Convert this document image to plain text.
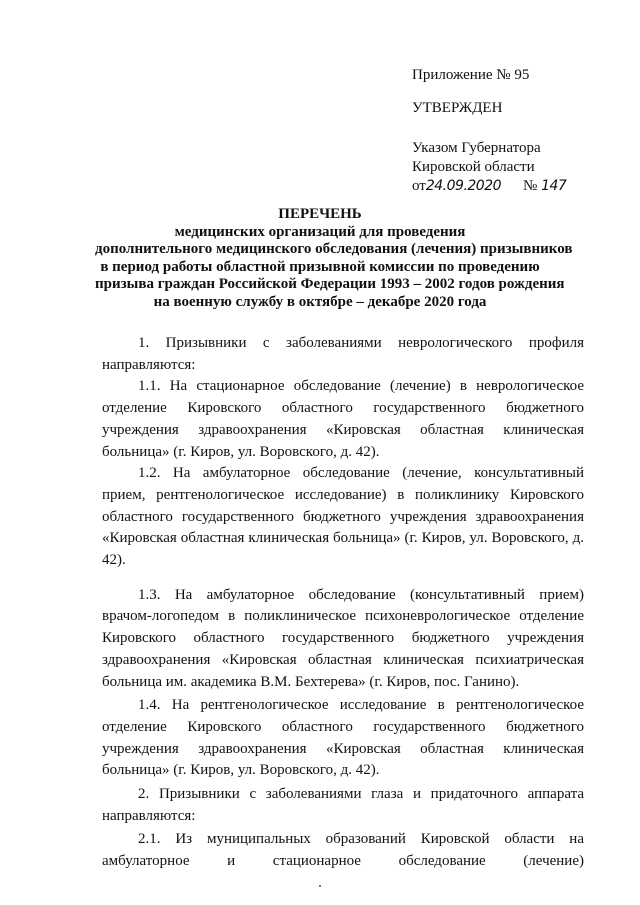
Приложение № 95
УТВЕРЖДЕН
Указом Губернатора
Кировской области
от24.09.2020 № 147
ПЕРЕЧЕНЬ
медицинских организаций для проведения
дополнительного медицинского обследования (лечения) призывников
в период работы областной призывной комиссии по проведению
призыва граждан Российской Федерации 1993 – 2002 годов рождения
на военную службу в октябре – декабре 2020 года

1. Призывники с заболеваниями неврологического профиля направляются:

1.1. На стационарное обследование (лечение) в неврологическое отделение Кировского областного государственного бюджетного учреждения здравоохранения «Кировская областная клиническая больница» (г. Киров, ул. Воровского, д. 42).

1.2. На амбулаторное обследование (лечение, консультативный прием, рентгенологическое исследование) в поликлинику Кировского областного государственного бюджетного учреждения здравоохранения «Кировская областная клиническая больница» (г. Киров, ул. Воровского, д. 42).

1.3. На амбулаторное обследование (консультативный прием) врачом-логопедом в поликлиническое психоневрологическое отделение Кировского областного государственного бюджетного учреждения здравоохранения «Кировская областная клиническая психиатрическая больница им. академика В.М. Бехтерева» (г. Киров, пос. Ганино).

1.4. На рентгенологическое исследование в рентгенологическое отделение Кировского областного государственного бюджетного учреждения здравоохранения «Кировская областная клиническая больница» (г. Киров, ул. Воровского, д. 42).

2. Призывники с заболеваниями глаза и придаточного аппарата направляются:

2.1. Из муниципальных образований Кировской области на амбулаторное и стационарное обследование (лечение)
